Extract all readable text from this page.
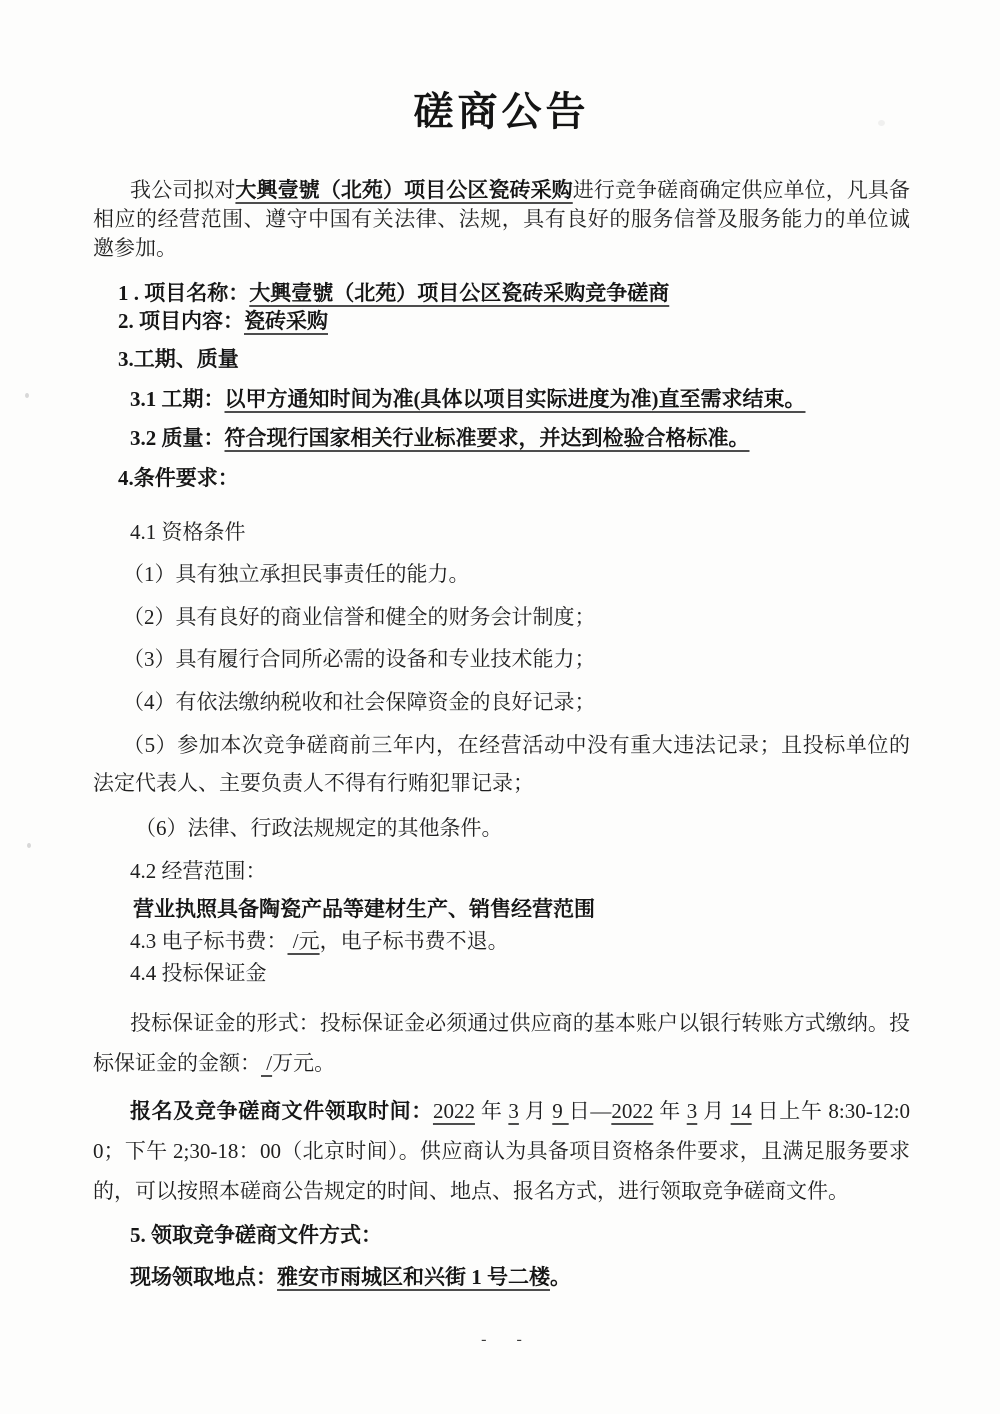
磋商公告

我公司拟对大興壹號（北苑）项目公区瓷砖采购进行竞争磋商确定供应单位，凡具备相应的经营范围、遵守中国有关法律、法规，具有良好的服务信誉及服务能力的单位诚邀参加。

1 . 项目名称：大興壹號（北苑）项目公区瓷砖采购竞争磋商

2. 项目内容：瓷砖采购

3.工期、质量

3.1 工期：以甲方通知时间为准(具体以项目实际进度为准)直至需求结束。

3.2 质量：符合现行国家相关行业标准要求，并达到检验合格标准。

4.条件要求：

4.1 资格条件

（1）具有独立承担民事责任的能力。

（2）具有良好的商业信誉和健全的财务会计制度；

（3）具有履行合同所必需的设备和专业技术能力；

（4）有依法缴纳税收和社会保障资金的良好记录；

（5）参加本次竞争磋商前三年内，在经营活动中没有重大违法记录；且投标单位的法定代表人、主要负责人不得有行贿犯罪记录；

（6）法律、行政法规规定的其他条件。

4.2 经营范围：

营业执照具备陶瓷产品等建材生产、销售经营范围

4.3 电子标书费： /元，电子标书费不退。

4.4 投标保证金

投标保证金的形式：投标保证金必须通过供应商的基本账户以银行转账方式缴纳。投标保证金的金额： /万元。

报名及竞争磋商文件领取时间：2022 年 3 月 9 日—2022 年 3 月 14 日上午 8:30-12:00；下午 2;30-18：00（北京时间）。供应商认为具备项目资格条件要求，且满足服务要求的，可以按照本磋商公告规定的时间、地点、报名方式，进行领取竞争磋商文件。

5. 领取竞争磋商文件方式：

现场领取地点：雅安市雨城区和兴街 1 号二楼。

- -
